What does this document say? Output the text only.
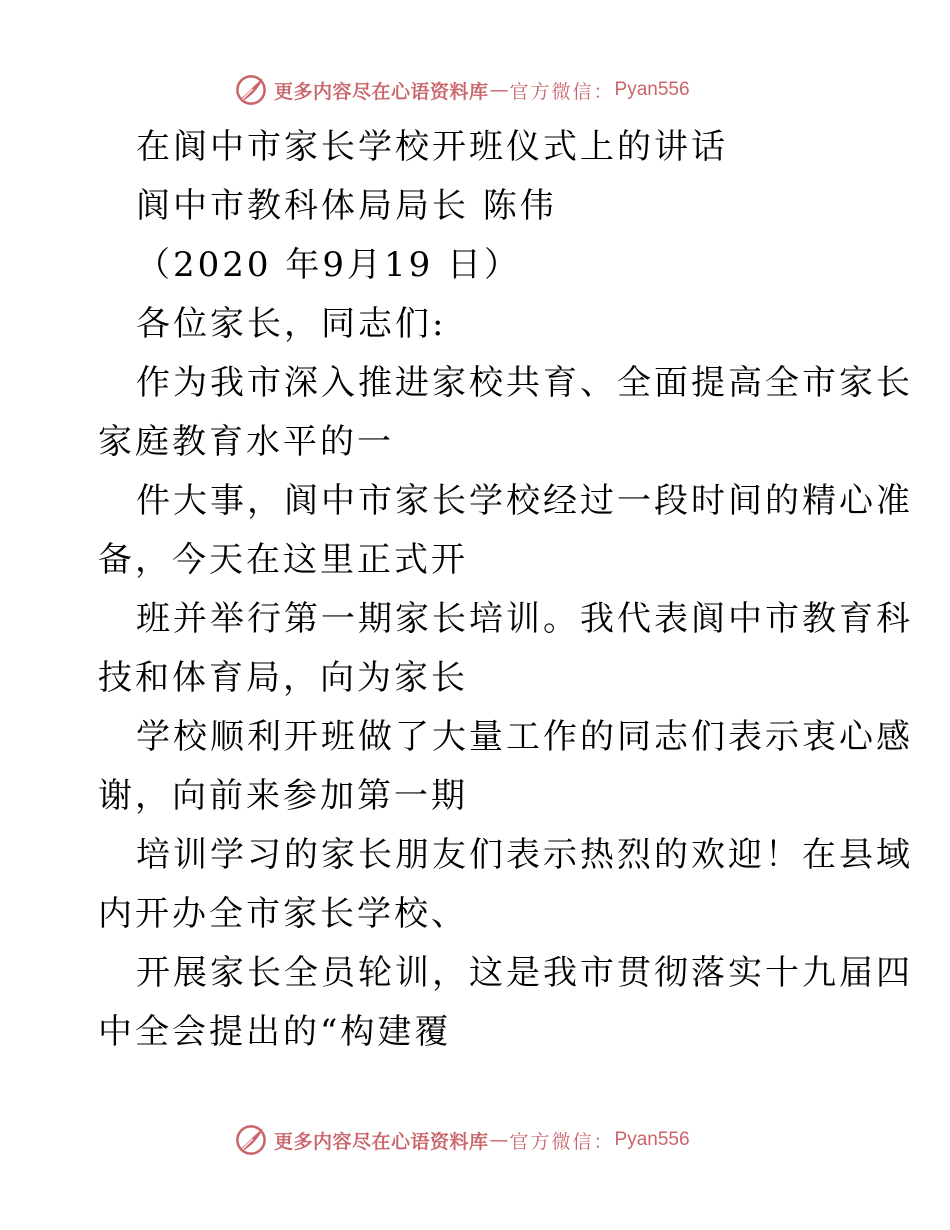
更多内容尽在心语资料库 — 官方微信： Pyan556
在阆中市家长学校开班仪式上的讲话
阆中市教科体局局长 陈伟
（2020 年9月19 日）
各位家长，同志们:
作为我市深入推进家校共育、全面提高全市家长
家庭教育水平的一
件大事，阆中市家长学校经过一段时间的精心准
备，今天在这里正式开
班并举行第一期家长培训。我代表阆中市教育科
技和体育局，向为家长
学校顺利开班做了大量工作的同志们表示衷心感
谢，向前来参加第一期
培训学习的家长朋友们表示热烈的欢迎！在县域
内开办全市家长学校、
开展家长全员轮训，这是我市贯彻落实十九届四
中全会提出的“构建覆
更多内容尽在心语资料库 — 官方微信： Pyan556
